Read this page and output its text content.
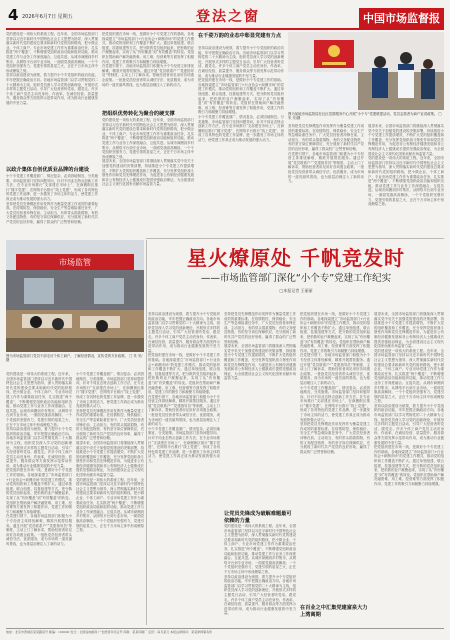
4 2026年6月7日 星期五	登法之窗	中国市场监督报
党的建设是一项伟大的系统工程。近年来，全国市场监管部门坚持以习近平新时代中国特色社会主义思想为指导，深入贯彻落实新时代党的建设总要求和新时代党的组织路线，把小微企业、个体工商户、专业市场党建工作作为重要政治任务，扎实推进“两个覆盖”，不断增强党组织政治功能和组织功能，推动党建工作与业务工作深度融合、互促共进。从城市商圈到乡村集市，从网络平台到专业市场，一面面党旗高高飘扬，一个个党组织坚强有力，党建引领的星星之火，正在千万市场主体中形成燎原之势。
坚持以政治建设为统领，着力提升小个专党组织的政治功能，牢牢把握正确政治方向。各地市场监管部门以学习贯彻党的二十大精神为主线，组织党员深入学习党的创新理论，开展形式多样的主题党日活动，引导广大经营者听党话、跟党走。许多个体工商户党员主动亮身份、作表率，在诚信经营、质量提升、服务群众等方面发挥示范带动作用，成为推动行业健康发展的中坚力量。
把党组织建在市场一线，是做好小个专党建工作的基础。各地探索建立“市场监管部门+行业协会+商圈市场”的党建工作模式，推动党的组织和工作覆盖不断扩大。通过单独组建、联合组建、挂靠组建等方式，把分散的党员组织起来，把松散的业户凝聚起来，实现了从“有形覆盖”到“有效覆盖”的转变。党组织在帮助商户解决融资难、用工难、经营难等方面发挥了积极作用，党建工作的吸引力和凝聚力持续增强。
在党建引领下，各地市场监管部门积极为小个专经营主体排忧解难，精准开展帮扶服务。通过开展“党员联系户”“党建指导员”等制度，主动上门了解诉求，帮助经营者用足用好各项惠企政策。一批批党员经营者带头诚信守法、优质服务，成为市场的一道亮丽风景线，也为基层治理注入了新的动力。
以政介集体自创优质业品牌的台建设
小个专党建工作覆盖面广、情况复杂，必须因地制宜、分类施策。市场监管部门坚持问题导向，针对不同业态特点创新工作方法，在专业市场推行“支部建在市场上”，在商圈街区推行“楼宇党建”，在网络平台推行“线上党建”，形成了各具特色的党建工作品牌，进一步激发了市场主体的活力，使党建工作真正成为推动发展的强大动力。
坚持把党员先锋模范作用发挥作为衡量党建工作成效的重要标准。在疫情防控、保供稳价、安全生产等急难险重任务中，广大党员经营者冲锋在前、主动担当，有的带头捐款捐物，有的义务配送物资，有的坚守岗位保障供应，充分展现了新时代共产党员的良好形象，赢得了群众的广泛赞誉和信赖。
把组织优势转化为聚合的硬支撑
党的建设是一项伟大的系统工程。近年来，全国市场监管部门坚持以习近平新时代中国特色社会主义思想为指导，深入贯彻落实新时代党的建设总要求和新时代党的组织路线，把小微企业、个体工商户、专业市场党建工作作为重要政治任务，扎实推进“两个覆盖”，不断增强党组织政治功能和组织功能，推动党建工作与业务工作深度融合、互促共进。从城市商圈到乡村集市，从网络平台到专业市场，一面面党旗高高飘扬，一个个党组织坚强有力，党建引领的星星之火，正在千万市场主体中形成燎原之势。
展望未来，全国市场监管部门将继续深入贯彻落实党中央关于加强党的建设的决策部署，持续推进小个专党建工作提质增效，不断扩大党的组织覆盖和工作覆盖，充分发挥党组织战斗堡垒作用和党员先锋模范作用，为促进非公有制经济健康发展和非公有制经济人士健康成长提供坚强政治保证，为全面建设社会主义现代化国家贡献市场监管力量。
在千姿万韵的业态中彰显党建有力点
坚持以政治建设为统领，着力提升小个专党组织的政治功能，牢牢把握正确政治方向。各地市场监管部门以学习贯彻党的二十大精神为主线，组织党员深入学习党的创新理论，开展形式多样的主题党日活动，引导广大经营者听党话、跟党走。许多个体工商户党员主动亮身份、作表率，在诚信经营、质量提升、服务群众等方面发挥示范带动作用，成为推动行业健康发展的中坚力量。
把党组织建在市场一线，是做好小个专党建工作的基础。各地探索建立“市场监管部门+行业协会+商圈市场”的党建工作模式，推动党的组织和工作覆盖不断扩大。通过单独组建、联合组建、挂靠组建等方式，把分散的党员组织起来，把松散的业户凝聚起来，实现了从“有形覆盖”到“有效覆盖”的转变。党组织在帮助商户解决融资难、用工难、经营难等方面发挥了积极作用，党建工作的吸引力和凝聚力持续增强。
小个专党建工作覆盖面广、情况复杂，必须因地制宜、分类施策。市场监管部门坚持问题导向，针对不同业态特点创新工作方法，在专业市场推行“支部建在市场上”，在商圈街区推行“楼宇党建”，在网络平台推行“线上党建”，形成了各具特色的党建工作品牌，进一步激发了市场主体的活力，使党建工作真正成为推动发展的强大动力。
图为某地市场监管局在社区党群服务中心开展“小个专”党建联建活动，党员志愿者为商户宣讲政策。 □ 朱 安/摄
坚持把党员先锋模范作用发挥作为衡量党建工作成效的重要标准。在疫情防控、保供稳价、安全生产等急难险重任务中，广大党员经营者冲锋在前、主动担当，有的带头捐款捐物，有的义务配送物资，有的坚守岗位保障供应，充分展现了新时代共产党员的良好形象，赢得了群众的广泛赞誉和信赖。
在党建引领下，各地市场监管部门积极为小个专经营主体排忧解难，精准开展帮扶服务。通过开展“党员联系户”“党建指导员”等制度，主动上门了解诉求，帮助经营者用足用好各项惠企政策。一批批党员经营者带头诚信守法、优质服务，成为市场的一道亮丽风景线，也为基层治理注入了新的动力。
展望未来，全国市场监管部门将继续深入贯彻落实党中央关于加强党的建设的决策部署，持续推进小个专党建工作提质增效，不断扩大党的组织覆盖和工作覆盖，充分发挥党组织战斗堡垒作用和党员先锋模范作用，为促进非公有制经济健康发展和非公有制经济人士健康成长提供坚强政治保证，为全面建设社会主义现代化国家贡献市场监管力量。
党的建设是一项伟大的系统工程。近年来，全国市场监管部门坚持以习近平新时代中国特色社会主义思想为指导，深入贯彻落实新时代党的建设总要求和新时代党的组织路线，把小微企业、个体工商户、专业市场党建工作作为重要政治任务，扎实推进“两个覆盖”，不断增强党组织政治功能和组织功能，推动党建工作与业务工作深度融合、互促共进。从城市商圈到乡村集市，从网络平台到专业市场，一面面党旗高高飘扬，一个个党组织坚强有力，党建引领的星星之火，正在千万市场主体中形成燎原之势。
星火燎原处 千帆竞发时
——市场监管部门深化“小个专”党建工作纪实
□本报记者 王丽丽
市场监管
图为市场监管部门党员干部走访个体工商户，了解经营情况，宣传党的方针政策。 □ 朱 安/摄
党的建设是一项伟大的系统工程。近年来，全国市场监管部门坚持以习近平新时代中国特色社会主义思想为指导，深入贯彻落实新时代党的建设总要求和新时代党的组织路线，把小微企业、个体工商户、专业市场党建工作作为重要政治任务，扎实推进“两个覆盖”，不断增强党组织政治功能和组织功能，推动党建工作与业务工作深度融合、互促共进。从城市商圈到乡村集市，从网络平台到专业市场，一面面党旗高高飘扬，一个个党组织坚强有力，党建引领的星星之火，正在千万市场主体中形成燎原之势。
坚持以政治建设为统领，着力提升小个专党组织的政治功能，牢牢把握正确政治方向。各地市场监管部门以学习贯彻党的二十大精神为主线，组织党员深入学习党的创新理论，开展形式多样的主题党日活动，引导广大经营者听党话、跟党走。许多个体工商户党员主动亮身份、作表率，在诚信经营、质量提升、服务群众等方面发挥示范带动作用，成为推动行业健康发展的中坚力量。
把党组织建在市场一线，是做好小个专党建工作的基础。各地探索建立“市场监管部门+行业协会+商圈市场”的党建工作模式，推动党的组织和工作覆盖不断扩大。通过单独组建、联合组建、挂靠组建等方式，把分散的党员组织起来，把松散的业户凝聚起来，实现了从“有形覆盖”到“有效覆盖”的转变。党组织在帮助商户解决融资难、用工难、经营难等方面发挥了积极作用，党建工作的吸引力和凝聚力持续增强。
在党建引领下，各地市场监管部门积极为小个专经营主体排忧解难，精准开展帮扶服务。通过开展“党员联系户”“党建指导员”等制度，主动上门了解诉求，帮助经营者用足用好各项惠企政策。一批批党员经营者带头诚信守法、优质服务，成为市场的一道亮丽风景线，也为基层治理注入了新的动力。
小个专党建工作覆盖面广、情况复杂，必须因地制宜、分类施策。市场监管部门坚持问题导向，针对不同业态特点创新工作方法，在专业市场推行“支部建在市场上”，在商圈街区推行“楼宇党建”，在网络平台推行“线上党建”，形成了各具特色的党建工作品牌，进一步激发了市场主体的活力，使党建工作真正成为推动发展的强大动力。
坚持把党员先锋模范作用发挥作为衡量党建工作成效的重要标准。在疫情防控、保供稳价、安全生产等急难险重任务中，广大党员经营者冲锋在前、主动担当，有的带头捐款捐物，有的义务配送物资，有的坚守岗位保障供应，充分展现了新时代共产党员的良好形象，赢得了群众的广泛赞誉和信赖。
展望未来，全国市场监管部门将继续深入贯彻落实党中央关于加强党的建设的决策部署，持续推进小个专党建工作提质增效，不断扩大党的组织覆盖和工作覆盖，充分发挥党组织战斗堡垒作用和党员先锋模范作用，为促进非公有制经济健康发展和非公有制经济人士健康成长提供坚强政治保证，为全面建设社会主义现代化国家贡献市场监管力量。
党的建设是一项伟大的系统工程。近年来，全国市场监管部门坚持以习近平新时代中国特色社会主义思想为指导，深入贯彻落实新时代党的建设总要求和新时代党的组织路线，把小微企业、个体工商户、专业市场党建工作作为重要政治任务，扎实推进“两个覆盖”，不断增强党组织政治功能和组织功能，推动党建工作与业务工作深度融合、互促共进。从城市商圈到乡村集市，从网络平台到专业市场，一面面党旗高高飘扬，一个个党组织坚强有力，党建引领的星星之火，正在千万市场主体中形成燎原之势。
坚持以政治建设为统领，着力提升小个专党组织的政治功能，牢牢把握正确政治方向。各地市场监管部门以学习贯彻党的二十大精神为主线，组织党员深入学习党的创新理论，开展形式多样的主题党日活动，引导广大经营者听党话、跟党走。许多个体工商户党员主动亮身份、作表率，在诚信经营、质量提升、服务群众等方面发挥示范带动作用，成为推动行业健康发展的中坚力量。
把党组织建在市场一线，是做好小个专党建工作的基础。各地探索建立“市场监管部门+行业协会+商圈市场”的党建工作模式，推动党的组织和工作覆盖不断扩大。通过单独组建、联合组建、挂靠组建等方式，把分散的党员组织起来，把松散的业户凝聚起来，实现了从“有形覆盖”到“有效覆盖”的转变。党组织在帮助商户解决融资难、用工难、经营难等方面发挥了积极作用，党建工作的吸引力和凝聚力持续增强。
在党建引领下，各地市场监管部门积极为小个专经营主体排忧解难，精准开展帮扶服务。通过开展“党员联系户”“党建指导员”等制度，主动上门了解诉求，帮助经营者用足用好各项惠企政策。一批批党员经营者带头诚信守法、优质服务，成为市场的一道亮丽风景线，也为基层治理注入了新的动力。
小个专党建工作覆盖面广、情况复杂，必须因地制宜、分类施策。市场监管部门坚持问题导向，针对不同业态特点创新工作方法，在专业市场推行“支部建在市场上”，在商圈街区推行“楼宇党建”，在网络平台推行“线上党建”，形成了各具特色的党建工作品牌，进一步激发了市场主体的活力，使党建工作真正成为推动发展的强大动力。
坚持把党员先锋模范作用发挥作为衡量党建工作成效的重要标准。在疫情防控、保供稳价、安全生产等急难险重任务中，广大党员经营者冲锋在前、主动担当，有的带头捐款捐物，有的义务配送物资，有的坚守岗位保障供应，充分展现了新时代共产党员的良好形象，赢得了群众的广泛赞誉和信赖。
展望未来，全国市场监管部门将继续深入贯彻落实党中央关于加强党的建设的决策部署，持续推进小个专党建工作提质增效，不断扩大党的组织覆盖和工作覆盖，充分发挥党组织战斗堡垒作用和党员先锋模范作用，为促进非公有制经济健康发展和非公有制经济人士健康成长提供坚强政治保证，为全面建设社会主义现代化国家贡献市场监管力量。
让党员先锋成为破解难题最可依赖的力量
党的建设是一项伟大的系统工程。近年来，全国市场监管部门坚持以习近平新时代中国特色社会主义思想为指导，深入贯彻落实新时代党的建设总要求和新时代党的组织路线，把小微企业、个体工商户、专业市场党建工作作为重要政治任务，扎实推进“两个覆盖”，不断增强党组织政治功能和组织功能，推动党建工作与业务工作深度融合、互促共进。从城市商圈到乡村集市，从网络平台到专业市场，一面面党旗高高飘扬，一个个党组织坚强有力，党建引领的星星之火，正在千万市场主体中形成燎原之势。
坚持以政治建设为统领，着力提升小个专党组织的政治功能，牢牢把握正确政治方向。各地市场监管部门以学习贯彻党的二十大精神为主线，组织党员深入学习党的创新理论，开展形式多样的主题党日活动，引导广大经营者听党话、跟党走。许多个体工商户党员主动亮身份、作表率，在诚信经营、质量提升、服务群众等方面发挥示范带动作用，成为推动行业健康发展的中坚力量。
把党组织建在市场一线，是做好小个专党建工作的基础。各地探索建立“市场监管部门+行业协会+商圈市场”的党建工作模式，推动党的组织和工作覆盖不断扩大。通过单独组建、联合组建、挂靠组建等方式，把分散的党员组织起来，把松散的业户凝聚起来，实现了从“有形覆盖”到“有效覆盖”的转变。党组织在帮助商户解决融资难、用工难、经营难等方面发挥了积极作用，党建工作的吸引力和凝聚力持续增强。
在党建引领下，各地市场监管部门积极为小个专经营主体排忧解难，精准开展帮扶服务。通过开展“党员联系户”“党建指导员”等制度，主动上门了解诉求，帮助经营者用足用好各项惠企政策。一批批党员经营者带头诚信守法、优质服务，成为市场的一道亮丽风景线，也为基层治理注入了新的动力。
小个专党建工作覆盖面广、情况复杂，必须因地制宜、分类施策。市场监管部门坚持问题导向，针对不同业态特点创新工作方法，在专业市场推行“支部建在市场上”，在商圈街区推行“楼宇党建”，在网络平台推行“线上党建”，形成了各具特色的党建工作品牌，进一步激发了市场主体的活力，使党建工作真正成为推动发展的强大动力。
坚持把党员先锋模范作用发挥作为衡量党建工作成效的重要标准。在疫情防控、保供稳价、安全生产等急难险重任务中，广大党员经营者冲锋在前、主动担当，有的带头捐款捐物，有的义务配送物资，有的坚守岗位保障供应，充分展现了新时代共产党员的良好形象，赢得了群众的广泛赞誉和信赖。
在百业之中汇集党建富泉大力上湾离期
展望未来，全国市场监管部门将继续深入贯彻落实党中央关于加强党的建设的决策部署，持续推进小个专党建工作提质增效，不断扩大党的组织覆盖和工作覆盖，充分发挥党组织战斗堡垒作用和党员先锋模范作用，为促进非公有制经济健康发展和非公有制经济人士健康成长提供坚强政治保证，为全面建设社会主义现代化国家贡献市场监管力量。
党的建设是一项伟大的系统工程。近年来，全国市场监管部门坚持以习近平新时代中国特色社会主义思想为指导，深入贯彻落实新时代党的建设总要求和新时代党的组织路线，把小微企业、个体工商户、专业市场党建工作作为重要政治任务，扎实推进“两个覆盖”，不断增强党组织政治功能和组织功能，推动党建工作与业务工作深度融合、互促共进。从城市商圈到乡村集市，从网络平台到专业市场，一面面党旗高高飘扬，一个个党组织坚强有力，党建引领的星星之火，正在千万市场主体中形成燎原之势。
坚持以政治建设为统领，着力提升小个专党组织的政治功能，牢牢把握正确政治方向。各地市场监管部门以学习贯彻党的二十大精神为主线，组织党员深入学习党的创新理论，开展形式多样的主题党日活动，引导广大经营者听党话、跟党走。许多个体工商户党员主动亮身份、作表率，在诚信经营、质量提升、服务群众等方面发挥示范带动作用，成为推动行业健康发展的中坚力量。
把党组织建在市场一线，是做好小个专党建工作的基础。各地探索建立“市场监管部门+行业协会+商圈市场”的党建工作模式，推动党的组织和工作覆盖不断扩大。通过单独组建、联合组建、挂靠组建等方式，把分散的党员组织起来，把松散的业户凝聚起来，实现了从“有形覆盖”到“有效覆盖”的转变。党组织在帮助商户解决融资难、用工难、经营难等方面发挥了积极作用，党建工作的吸引力和凝聚力持续增强。
地址：北京市西城区某某路某号 邮编：100000 发行：全国各地邮局 广告经营许可证号 印刷：某某印刷厂 定价：每月某元 本报法律顾问：某某律师事务所
